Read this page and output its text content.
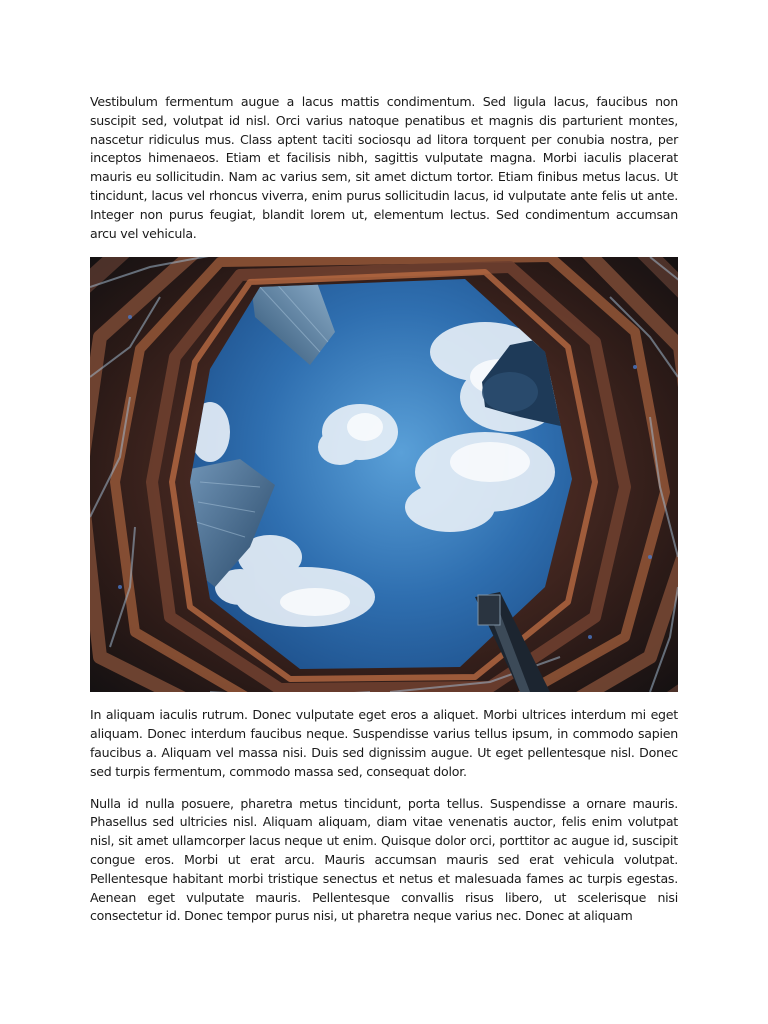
Vestibulum fermentum augue a lacus mattis condimentum. Sed ligula lacus, faucibus non suscipit sed, volutpat id nisl. Orci varius natoque penatibus et magnis dis parturient montes, nascetur ridiculus mus. Class aptent taciti sociosqu ad litora torquent per conubia nostra, per inceptos himenaeos. Etiam et facilisis nibh, sagittis vulputate magna. Morbi iaculis placerat mauris eu sollicitudin. Nam ac varius sem, sit amet dictum tortor. Etiam finibus metus lacus. Ut tincidunt, lacus vel rhoncus viverra, enim purus sollicitudin lacus, id vulputate ante felis ut ante. Integer non purus feugiat, blandit lorem ut, elementum lectus. Sed condimentum accumsan arcu vel vehicula.

In aliquam iaculis rutrum. Donec vulputate eget eros a aliquet. Morbi ultrices interdum mi eget aliquam. Donec interdum faucibus neque. Suspendisse varius tellus ipsum, in commodo sapien faucibus a. Aliquam vel massa nisi. Duis sed dignissim augue. Ut eget pellentesque nisl. Donec sed turpis fermentum, commodo massa sed, consequat dolor.

Nulla id nulla posuere, pharetra metus tincidunt, porta tellus. Suspendisse a ornare mauris. Phasellus sed ultricies nisl. Aliquam aliquam, diam vitae venenatis auctor, felis enim volutpat nisl, sit amet ullamcorper lacus neque ut enim. Quisque dolor orci, porttitor ac augue id, suscipit congue eros. Morbi ut erat arcu. Mauris accumsan mauris sed erat vehicula volutpat. Pellentesque habitant morbi tristique senectus et netus et malesuada fames ac turpis egestas. Aenean eget vulputate mauris. Pellentesque convallis risus libero, ut scelerisque nisi consectetur id. Donec tempor purus nisi, ut pharetra neque varius nec. Donec at aliquam
